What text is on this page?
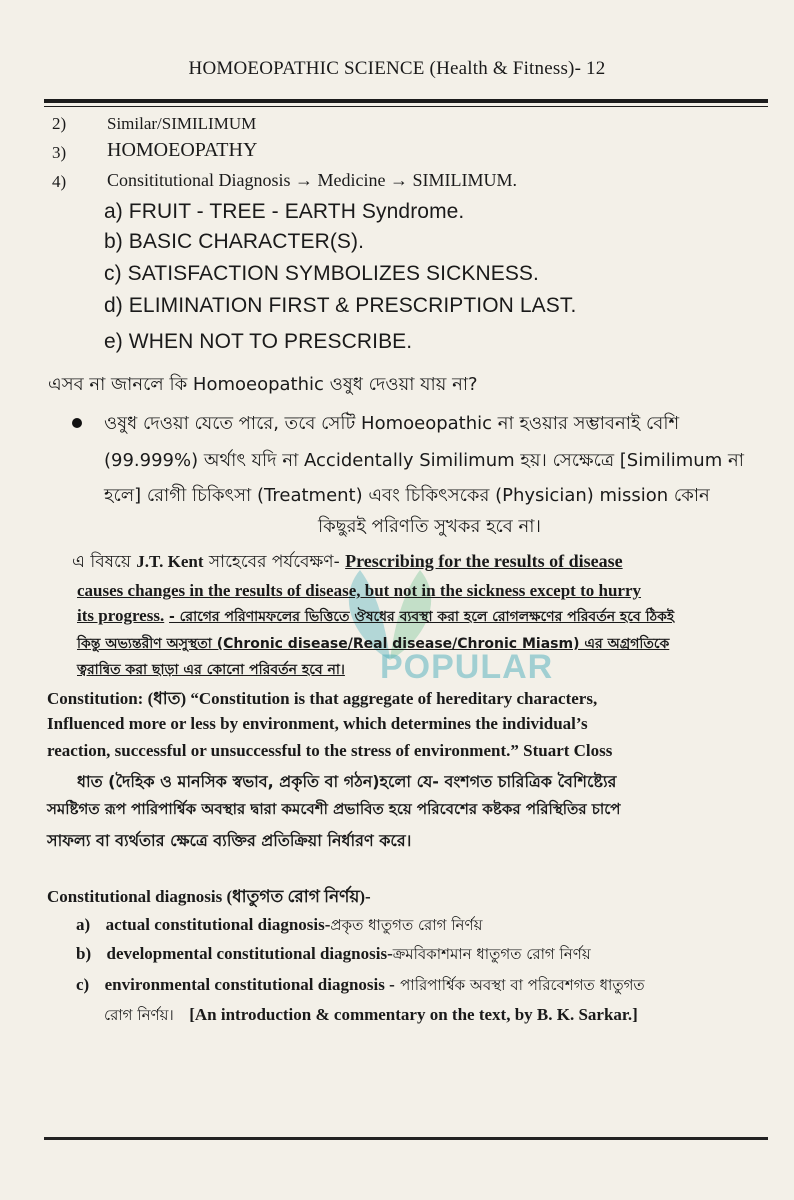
HOMOEOPATHIC SCIENCE (Health & Fitness)- 12
2) Similar/SIMILIMUM
3) HOMOEOPATHY
4) Consititutional Diagnosis → Medicine → SIMILIMUM.
a) FRUIT - TREE - EARTH Syndrome.
b) BASIC CHARACTER(S).
c) SATISFACTION SYMBOLIZES SICKNESS.
d) ELIMINATION FIRST & PRESCRIPTION LAST.
e) WHEN NOT TO PRESCRIBE.
এসব না জানলে কি Homoeopathic ওষুধ দেওয়া যায় না?
ওষুধ দেওয়া যেতে পারে, তবে সেটি Homoeopathic না হওয়ার সম্ভাবনাই বেশি
(99.999%) অর্থাৎ যদি না Accidentally Similimum হয়। সেক্ষেত্রে [Similimum না
হলে] রোগী চিকিৎসা (Treatment) এবং চিকিৎসকের (Physician) mission কোন
কিছুরই পরিণতি সুখকর হবে না।
POPULAR
এ বিষয়ে J.T. Kent সাহেবের পর্যবেক্ষণ- Prescribing for the results of disease
causes changes in the results of disease, but not in the sickness except to hurry
its progress. - রোগের পরিণামফলের ভিত্তিতে ঔষধের ব্যবস্থা করা হলে রোগলক্ষণের পরিবর্তন হবে ঠিকই
কিন্তু অভ্যন্তরীণ অসুস্থতা (Chronic disease/Real disease/Chronic Miasm) এর অগ্রগতিকে
ত্বরান্বিত করা ছাড়া এর কোনো পরিবর্তন হবে না।
Constitution: (ধাত) “Constitution is that aggregate of hereditary characters,
Influenced more or less by environment, which determines the individual’s
reaction, successful or unsuccessful to the stress of environment.” Stuart Closs
ধাত (দৈহিক ও মানসিক স্বভাব, প্রকৃতি বা গঠন)হলো যে- বংশগত চারিত্রিক বৈশিষ্ট্যের
সমষ্টিগত রূপ পারিপার্শ্বিক অবস্থার দ্বারা কমবেশী প্রভাবিত হয়ে পরিবেশের কষ্টকর পরিস্থিতির চাপে
সাফল্য বা ব্যর্থতার ক্ষেত্রে ব্যক্তির প্রতিক্রিয়া নির্ধারণ করে।
Constitutional diagnosis (ধাতুগত রোগ নির্ণয়)-
a) actual constitutional diagnosis-প্রকৃত ধাতুগত রোগ নির্ণয়
b) developmental constitutional diagnosis-ক্রমবিকাশমান ধাতুগত রোগ নির্ণয়
c) environmental constitutional diagnosis - পারিপার্শ্বিক অবস্থা বা পরিবেশগত ধাতুগত
রোগ নির্ণয়। [An introduction & commentary on the text, by B. K. Sarkar.]
